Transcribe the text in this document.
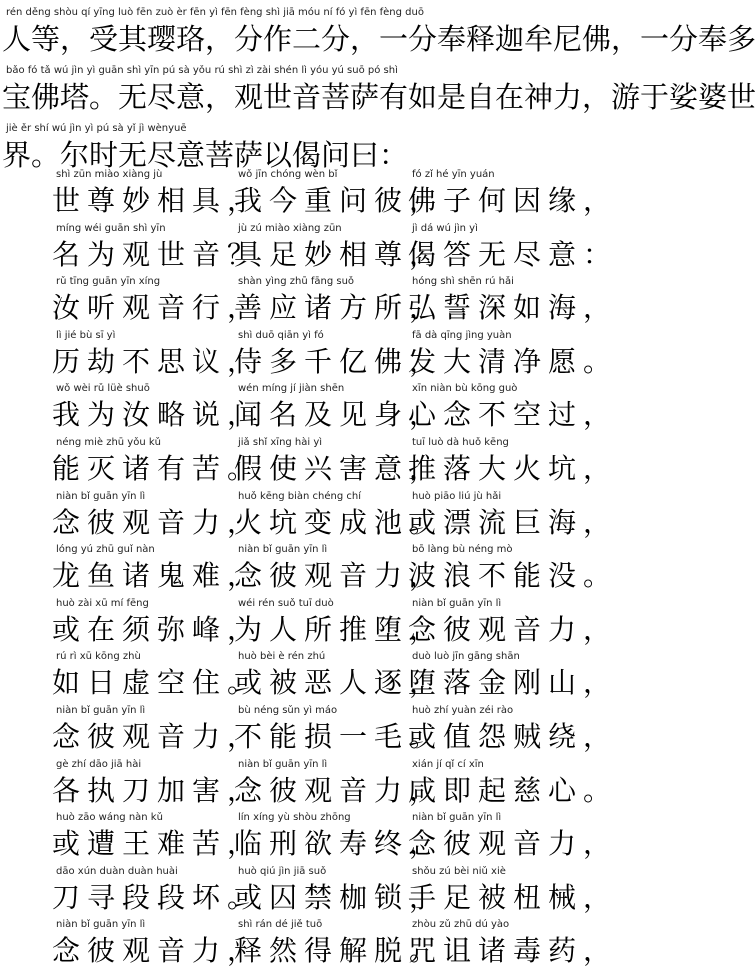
rén děng shòu qí yīng luò fēn zuò èr fēn yì fēn fèng shì jiā móu ní fó yì fēn fèng duō
人等，受其璎珞，分作二分，一分奉释迦牟尼佛，一分奉多
bǎo fó tǎ wú jìn yì guān shì yīn pú sà yǒu rú shì zì zài shén lì yóu yú suō pó shì
宝佛塔。无尽意，观世音菩萨有如是自在神力，游于娑婆世
jiè ěr shí wú jìn yì pú sà yǐ jì wènyuē
界。尔时无尽意菩萨以偈问曰：
shì zūn miào xiàng jù
世尊妙相具，
wǒ jīn chóng wèn bǐ
我今重问彼，
fó zǐ hé yīn yuán
佛子何因缘，
míng wéi guān shì yīn
名为观世音？
jù zú miào xiàng zūn
具足妙相尊，
jì dá wú jìn yì
偈答无尽意：
rǔ tīng guān yīn xíng
汝听观音行，
shàn yìng zhū fāng suǒ
善应诸方所，
hóng shì shēn rú hǎi
弘誓深如海，
lì jié bù sī yì
历劫不思议，
shì duō qiān yì fó
侍多千亿佛，
fā dà qīng jìng yuàn
发大清净愿。
wǒ wèi rǔ lüè shuō
我为汝略说，
wén míng jí jiàn shēn
闻名及见身，
xīn niàn bù kōng guò
心念不空过，
néng miè zhū yǒu kǔ
能灭诸有苦。
jiǎ shǐ xīng hài yì
假使兴害意，
tuī luò dà huǒ kēng
推落大火坑，
niàn bǐ guān yīn lì
念彼观音力，
huǒ kēng biàn chéng chí
火坑变成池。
huò piāo liú jù hǎi
或漂流巨海，
lóng yú zhū guǐ nàn
龙鱼诸鬼难，
niàn bǐ guān yīn lì
念彼观音力，
bō làng bù néng mò
波浪不能没。
huò zài xū mí fēng
或在须弥峰，
wéi rén suǒ tuī duò
为人所推堕，
niàn bǐ guān yīn lì
念彼观音力，
rú rì xū kōng zhù
如日虚空住。
huò bèi è rén zhú
或被恶人逐，
duò luò jīn gāng shān
堕落金刚山，
niàn bǐ guān yīn lì
念彼观音力，
bù néng sǔn yì máo
不能损一毛。
huò zhí yuàn zéi rào
或值怨贼绕，
gè zhí dāo jiā hài
各执刀加害，
niàn bǐ guān yīn lì
念彼观音力，
xián jí qǐ cí xīn
咸即起慈心。
huò zāo wáng nàn kǔ
或遭王难苦，
lín xíng yù shòu zhōng
临刑欲寿终，
niàn bǐ guān yīn lì
念彼观音力，
dāo xún duàn duàn huài
刀寻段段坏。
huò qiú jìn jiā suǒ
或囚禁枷锁，
shǒu zú bèi niǔ xiè
手足被杻械，
niàn bǐ guān yīn lì
念彼观音力，
shì rán dé jiě tuō
释然得解脱。
zhòu zǔ zhū dú yào
咒诅诸毒药，
